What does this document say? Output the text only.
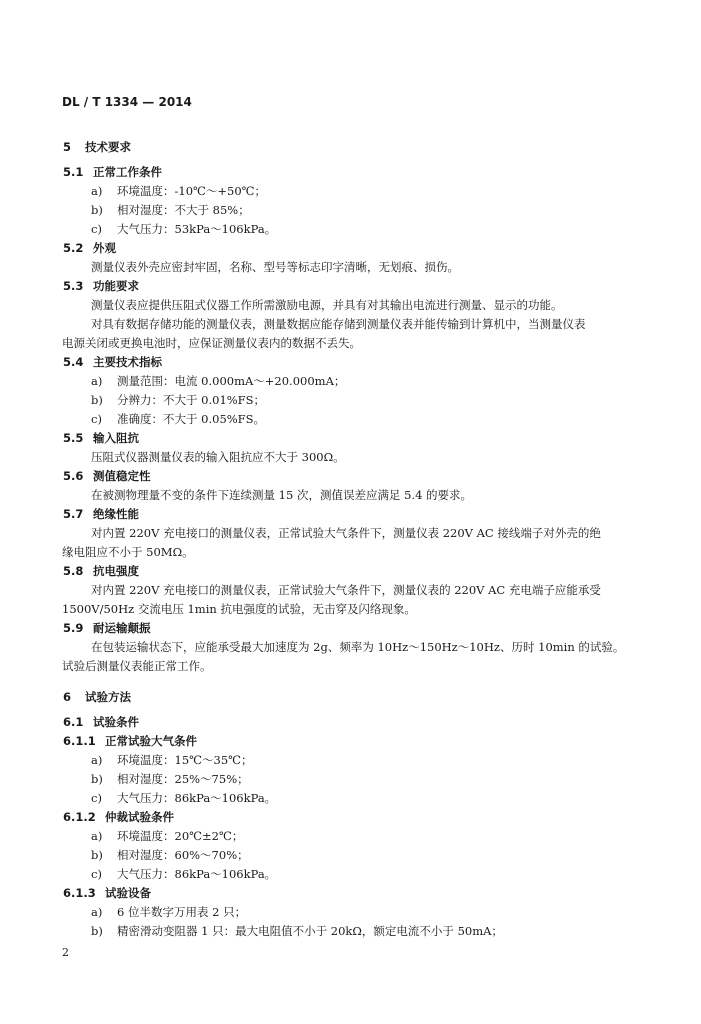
DL / T 1334 — 2014
5 技术要求
5.1 正常工作条件
a) 环境温度：-10℃～+50℃；
b) 相对湿度：不大于 85%；
c) 大气压力：53kPa～106kPa。
5.2 外观
测量仪表外壳应密封牢固，名称、型号等标志印字清晰，无划痕、损伤。
5.3 功能要求
测量仪表应提供压阻式仪器工作所需激励电源，并具有对其输出电流进行测量、显示的功能。
对具有数据存储功能的测量仪表，测量数据应能存储到测量仪表并能传输到计算机中，当测量仪表
电源关闭或更换电池时，应保证测量仪表内的数据不丢失。
5.4 主要技术指标
a) 测量范围：电流 0.000mA～+20.000mA；
b) 分辨力：不大于 0.01%FS；
c) 准确度：不大于 0.05%FS。
5.5 输入阻抗
压阻式仪器测量仪表的输入阻抗应不大于 300Ω。
5.6 测值稳定性
在被测物理量不变的条件下连续测量 15 次，测值误差应满足 5.4 的要求。
5.7 绝缘性能
对内置 220V 充电接口的测量仪表，正常试验大气条件下，测量仪表 220V AC 接线端子对外壳的绝
缘电阻应不小于 50MΩ。
5.8 抗电强度
对内置 220V 充电接口的测量仪表，正常试验大气条件下，测量仪表的 220V AC 充电端子应能承受
1500V/50Hz 交流电压 1min 抗电强度的试验，无击穿及闪络现象。
5.9 耐运输颠振
在包装运输状态下，应能承受最大加速度为 2g、频率为 10Hz～150Hz～10Hz、历时 10min 的试验。
试验后测量仪表能正常工作。
6 试验方法
6.1 试验条件
6.1.1 正常试验大气条件
a) 环境温度：15℃～35℃；
b) 相对湿度：25%～75%；
c) 大气压力：86kPa～106kPa。
6.1.2 仲裁试验条件
a) 环境温度：20℃±2℃；
b) 相对湿度：60%～70%；
c) 大气压力：86kPa～106kPa。
6.1.3 试验设备
a) 6 位半数字万用表 2 只；
b) 精密滑动变阻器 1 只：最大电阻值不小于 20kΩ，额定电流不小于 50mA；
2
